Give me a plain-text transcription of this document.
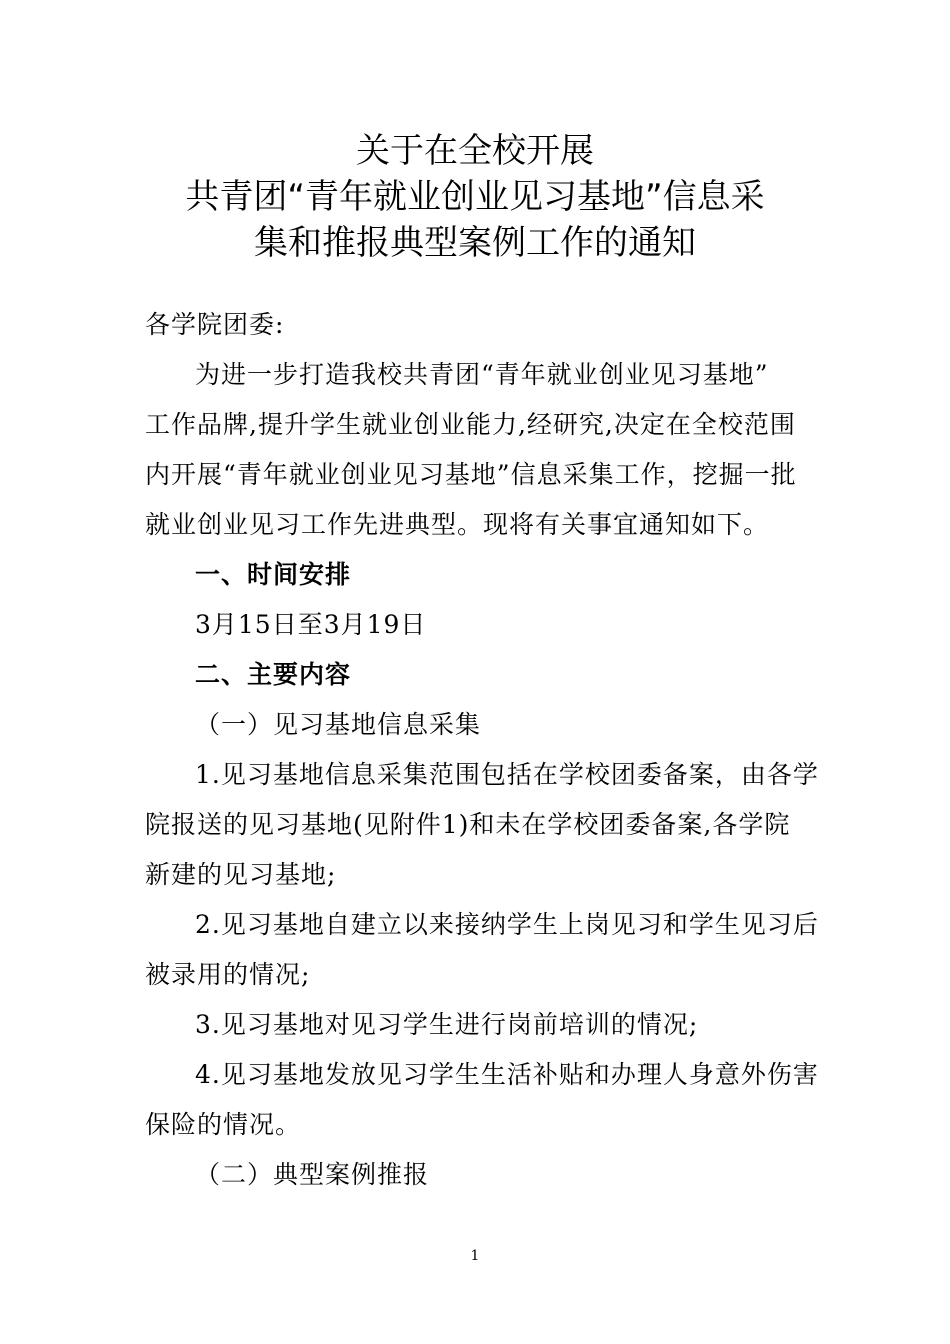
关于在全校开展
共青团“青年就业创业见习基地”信息采
集和推报典型案例工作的通知

各学院团委:

为进一步打造我校共青团“青年就业创业见习基地”

工作品牌,提升学生就业创业能力,经研究,决定在全校范围

内开展“青年就业创业见习基地”信息采集工作，挖掘一批

就业创业见习工作先进典型。现将有关事宜通知如下。

一、时间安排

3月15日至3月19日

二、主要内容

（一）见习基地信息采集

1.见习基地信息采集范围包括在学校团委备案，由各学

院报送的见习基地(见附件1)和未在学校团委备案,各学院

新建的见习基地;

2.见习基地自建立以来接纳学生上岗见习和学生见习后

被录用的情况;

3.见习基地对见习学生进行岗前培训的情况;

4.见习基地发放见习学生生活补贴和办理人身意外伤害

保险的情况。

（二）典型案例推报

1
